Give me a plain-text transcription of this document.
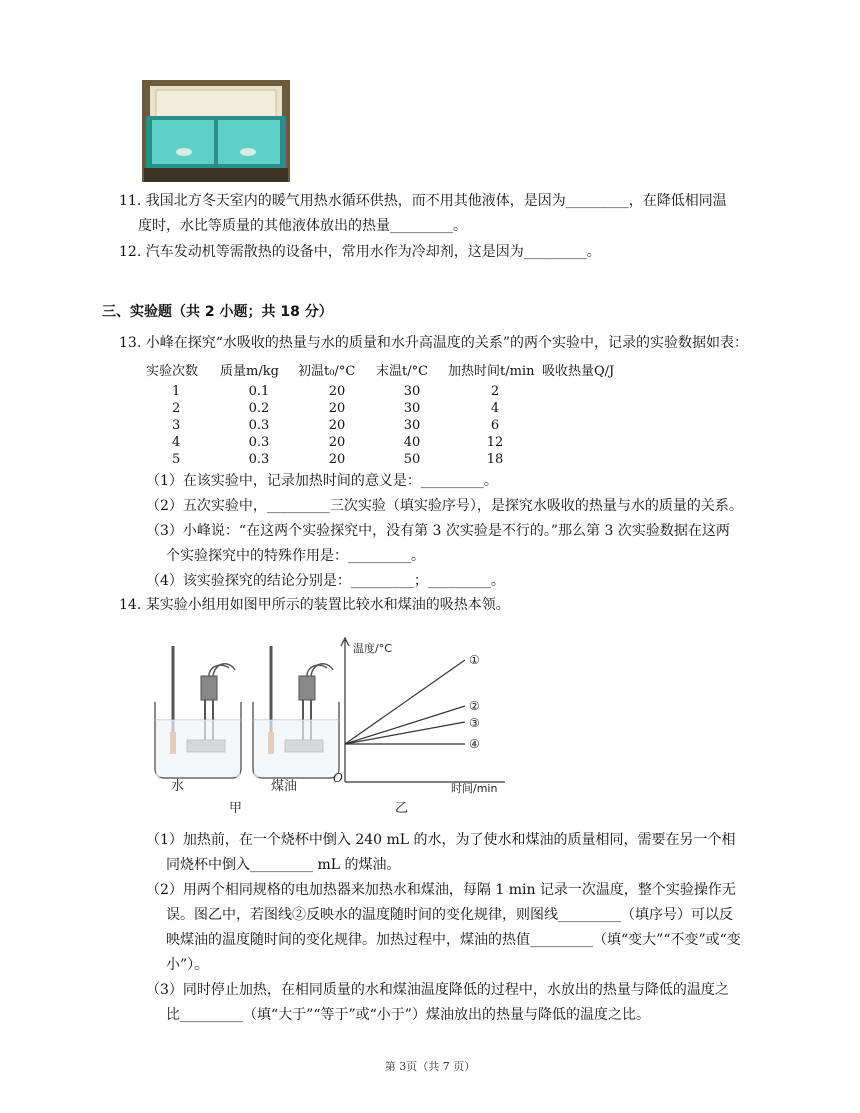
11. 我国北方冬天室内的暖气用热水循环供热，而不用其他液体，是因为_________，在降低相同温
度时，水比等质量的其他液体放出的热量_________。
12. 汽车发动机等需散热的设备中，常用水作为冷却剂，这是因为_________。
三、实验题（共 2 小题；共 18 分）
13. 小峰在探究“水吸收的热量与水的质量和水升高温度的关系”的两个实验中，记录的实验数据如表：
实验次数	质量m/kg	初温t₀/°C	末温t/°C	加热时间t/min	吸收热量Q/J
1	0.1	20	30	2	
2	0.2	20	30	4	
3	0.3	20	30	6	
4	0.3	20	40	12	
5	0.3	20	50	18	
（1）在该实验中，记录加热时间的意义是：_________。
（2）五次实验中，_________三次实验（填实验序号），是探究水吸收的热量与水的质量的关系。
（3）小峰说：“在这两个实验探究中，没有第 3 次实验是不行的。”那么第 3 次实验数据在这两
个实验探究中的特殊作用是：_________。
（4）该实验探究的结论分别是：_________；_________。
14. 某实验小组用如图甲所示的装置比较水和煤油的吸热本领。
水	煤油
甲	乙
温度/°C
时间/min
O
①
②
③
④
（1）加热前，在一个烧杯中倒入 240 mL 的水，为了使水和煤油的质量相同，需要在另一个相
同烧杯中倒入_________ mL 的煤油。
（2）用两个相同规格的电加热器来加热水和煤油，每隔 1 min 记录一次温度，整个实验操作无
误。图乙中，若图线②反映水的温度随时间的变化规律，则图线_________（填序号）可以反
映煤油的温度随时间的变化规律。加热过程中，煤油的热值_________（填“变大”“不变”或“变
小”）。
（3）同时停止加热，在相同质量的水和煤油温度降低的过程中，水放出的热量与降低的温度之
比_________（填“大于”“等于”或“小于”）煤油放出的热量与降低的温度之比。
第 3页（共 7 页）
